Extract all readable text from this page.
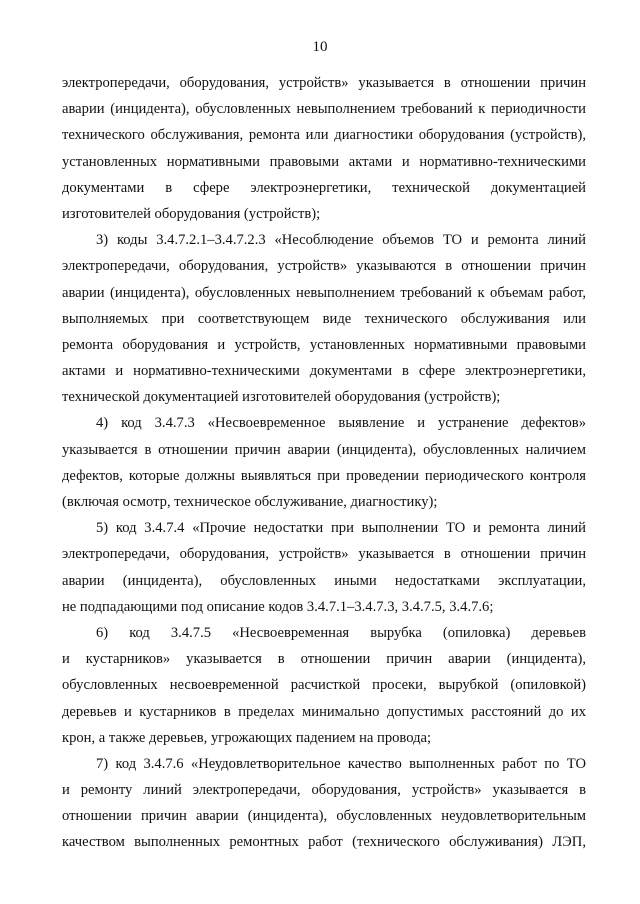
10
электропередачи, оборудования, устройств» указывается в отношении причин
аварии (инцидента), обусловленных невыполнением требований к периодичности
технического обслуживания, ремонта или диагностики оборудования (устройств),
установленных нормативными правовыми актами и нормативно-техническими
документами в сфере электроэнергетики, технической документацией
изготовителей оборудования (устройств);
3) коды 3.4.7.2.1–3.4.7.2.3 «Несоблюдение объемов ТО и ремонта линий
электропередачи, оборудования, устройств» указываются в отношении причин
аварии (инцидента), обусловленных невыполнением требований к объемам работ,
выполняемых при соответствующем виде технического обслуживания или
ремонта оборудования и устройств, установленных нормативными правовыми
актами и нормативно-техническими документами в сфере электроэнергетики,
технической документацией изготовителей оборудования (устройств);
4) код 3.4.7.3 «Несвоевременное выявление и устранение дефектов»
указывается в отношении причин аварии (инцидента), обусловленных наличием
дефектов, которые должны выявляться при проведении периодического контроля
(включая осмотр, техническое обслуживание, диагностику);
5) код 3.4.7.4 «Прочие недостатки при выполнении ТО и ремонта линий
электропередачи, оборудования, устройств» указывается в отношении причин
аварии (инцидента), обусловленных иными недостатками эксплуатации,
не подпадающими под описание кодов 3.4.7.1–3.4.7.3, 3.4.7.5, 3.4.7.6;
6) код 3.4.7.5 «Несвоевременная вырубка (опиловка) деревьев
и кустарников» указывается в отношении причин аварии (инцидента),
обусловленных несвоевременной расчисткой просеки, вырубкой (опиловкой)
деревьев и кустарников в пределах минимально допустимых расстояний до их
крон, а также деревьев, угрожающих падением на провода;
7) код 3.4.7.6 «Неудовлетворительное качество выполненных работ по ТО
и ремонту линий электропередачи, оборудования, устройств» указывается в
отношении причин аварии (инцидента), обусловленных неудовлетворительным
качеством выполненных ремонтных работ (технического обслуживания) ЛЭП,
